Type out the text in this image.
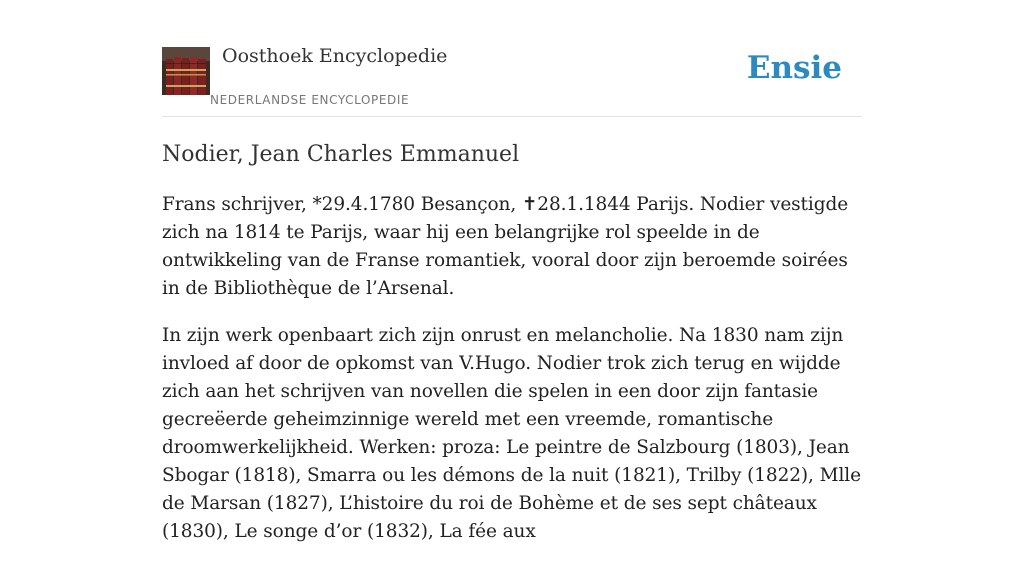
Oosthoek Encyclopedie
NEDERLANDSE ENCYCLOPEDIE
Ensie
Nodier, Jean Charles Emmanuel

Frans schrijver, *29.4.1780 Besançon, ✝28.1.1844 Parijs. Nodier vestigde zich na 1814 te Parijs, waar hij een belangrijke rol speelde in de ontwikkeling van de Franse romantiek, vooral door zijn beroemde soirées in de Bibliothèque de l’Arsenal.

In zijn werk openbaart zich zijn onrust en melancholie. Na 1830 nam zijn invloed af door de opkomst van V.Hugo. Nodier trok zich terug en wijdde zich aan het schrijven van novellen die spelen in een door zijn fantasie gecreëerde geheimzinnige wereld met een vreemde, romantische droomwerkelijkheid. Werken: proza: Le peintre de Salzbourg (1803), Jean Sbogar (1818), Smarra ou les démons de la nuit (1821), Trilby (1822), Mlle de Marsan (1827), L’histoire du roi de Bohème et de ses sept châteaux (1830), Le songe d’or (1832), La fée aux
